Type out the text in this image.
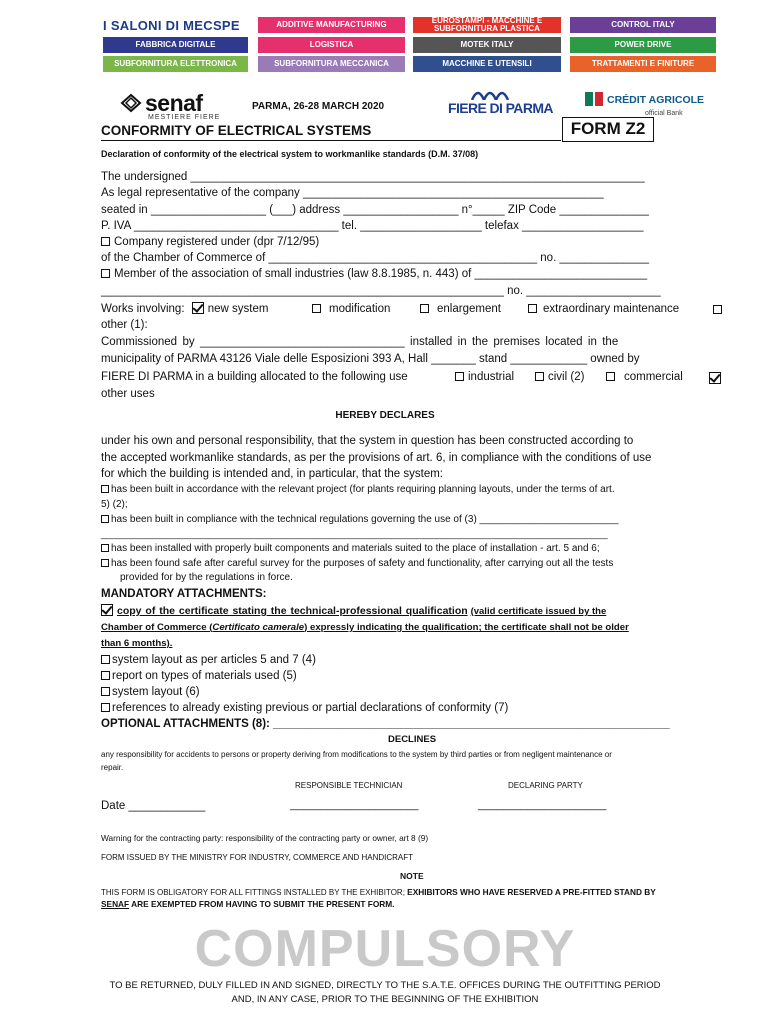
I SALONI DI MECSPE
FABBRICA DIGITALE
SUBFORNITURA ELETTRONICA
ADDITIVE MANUFACTURING
LOGISTICA
SUBFORNITURA MECCANICA
EUROSTAMPI - MACCHINE E SUBFORNITURA PLASTICA
MOTEK ITALY
MACCHINE E UTENSILI
CONTROL ITALY
POWER DRIVE
TRATTAMENTI E FINITURE
senaf
MESTIERE FIERE
PARMA, 26-28 MARCH 2020	FIERE DI PARMA	CRÉDIT AGRICOLE
official Bank
CONFORMITY OF ELECTRICAL SYSTEMS	FORM Z2
Declaration of conformity of the electrical system to workmanlike standards (D.M. 37/08)
The undersigned _______________________________________________________________________
As legal representative of the company _______________________________________________
seated in __________________ (___) address __________________ n°_____ ZIP Code ______________
P. IVA ________________________________ tel. ___________________ telefax ___________________
Company registered under (dpr 7/12/95)
of the Chamber of Commerce of __________________________________________ no. ______________
Member of the association of small industries (law 8.8.1985, n. 443) of ___________________________
_______________________________________________________________ no. _____________________
Works involving: new system	modification	enlargement	extraordinary maintenance
other (1):
Commissioned by ________________________________ installed in the premises located in the
municipality of PARMA 43126 Viale delle Esposizioni 393 A, Hall _______ stand ____________ owned by
FIERE DI PARMA in a building allocated to the following use	industrial	civil (2)	commercial
other uses
HEREBY DECLARES
under his own and personal responsibility, that the system in question has been constructed according to
the accepted workmanlike standards, as per the provisions of art. 6, in compliance with the conditions of use
for which the building is intended and, in particular, that the system:
has been built in accordance with the relevant project (for plants requiring planning layouts, under the terms of art.
5) (2);
has been built in compliance with the technical regulations governing the use of (3) _________________________
__________________________________________________________________________________________________
has been installed with properly built components and materials suited to the place of installation - art. 5 and 6;
has been found safe after careful survey for the purposes of safety and functionality, after carrying out all the tests
provided for by the regulations in force.
MANDATORY ATTACHMENTS:
copy of the certificate stating the technical-professional qualification (valid certificate issued by the
Chamber of Commerce (Certificato camerale) expressly indicating the qualification; the certificate shall not be older
than 6 months).
system layout as per articles 5 and 7 (4)
report on types of materials used (5)
system layout (6)
references to already existing previous or partial declarations of conformity (7)
OPTIONAL ATTACHMENTS (8): ______________________________________________________________
DECLINES
any responsibility for accidents to persons or property deriving from modifications to the system by third parties or from negligent maintenance or
repair.
RESPONSIBLE TECHNICIAN	DECLARING PARTY
Date ____________	_____________________	_____________________
Warning for the contracting party: responsibility of the contracting party or owner, art 8 (9)
FORM ISSUED BY THE MINISTRY FOR INDUSTRY, COMMERCE AND HANDICRAFT
NOTE
THIS FORM IS OBLIGATORY FOR ALL FITTINGS INSTALLED BY THE EXHIBITOR; EXHIBITORS WHO HAVE RESERVED A PRE-FITTED STAND BY
SENAF ARE EXEMPTED FROM HAVING TO SUBMIT THE PRESENT FORM.
COMPULSORY
TO BE RETURNED, DULY FILLED IN AND SIGNED, DIRECTLY TO THE S.A.T.E. OFFICES DURING THE OUTFITTING PERIOD
AND, IN ANY CASE, PRIOR TO THE BEGINNING OF THE EXHIBITION
